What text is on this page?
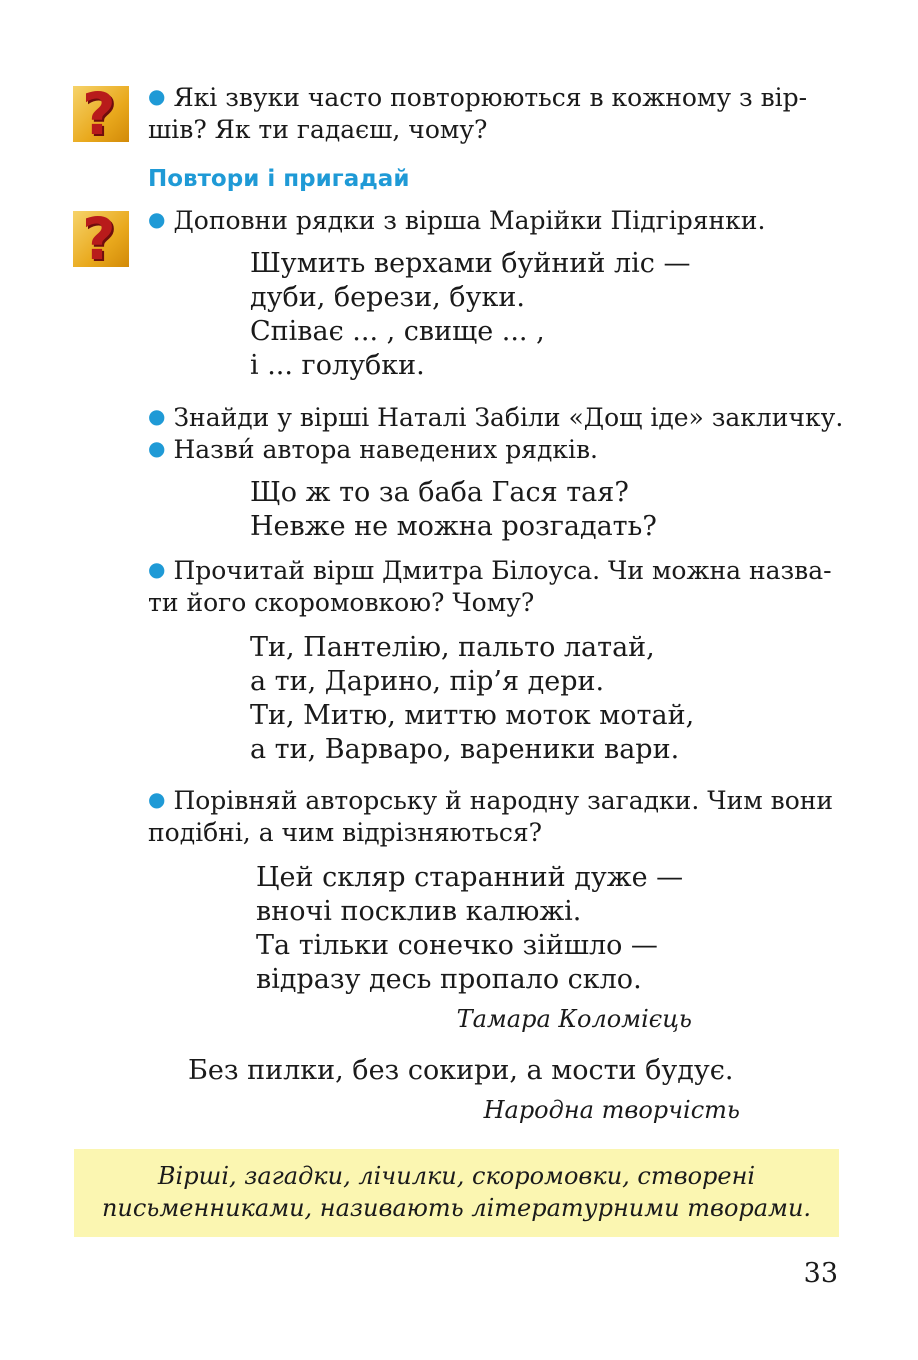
?
?
● Які звуки часто повторюються в кожному з вір-
шів? Як ти гадаєш, чому?
Повтори і пригадай
● Доповни рядки з вірша Марійки Підгірянки.
Шумить верхами буйний ліс —
дуби, берези, буки.
Співає ... , свище ... ,
і ... голубки.
● Знайди у вірші Наталі Забіли «Дощ іде» закличку.
● Назви́ автора наведених рядків.
Що ж то за баба Гася тая?
Невже не можна розгадать?
● Прочитай вірш Дмитра Білоуса. Чи можна назва-
ти його скоромовкою? Чому?
Ти, Пантелію, пальто латай,
а ти, Дарино, пір’я дери.
Ти, Митю, миттю моток мотай,
а ти, Варваро, вареники вари.
● Порівняй авторську й народну загадки. Чим вони
подібні, а чим відрізняються?
Цей скляр старанний дуже —
вночі посклив калюжі.
Та тільки сонечко зійшло —
відразу десь пропало скло.
Тамара Коломієць
Без пилки, без сокири, а мости будує.
Народна творчість
Вірші, загадки, лічилки, скоромовки, створені
письменниками, називають літературними творами.
33
